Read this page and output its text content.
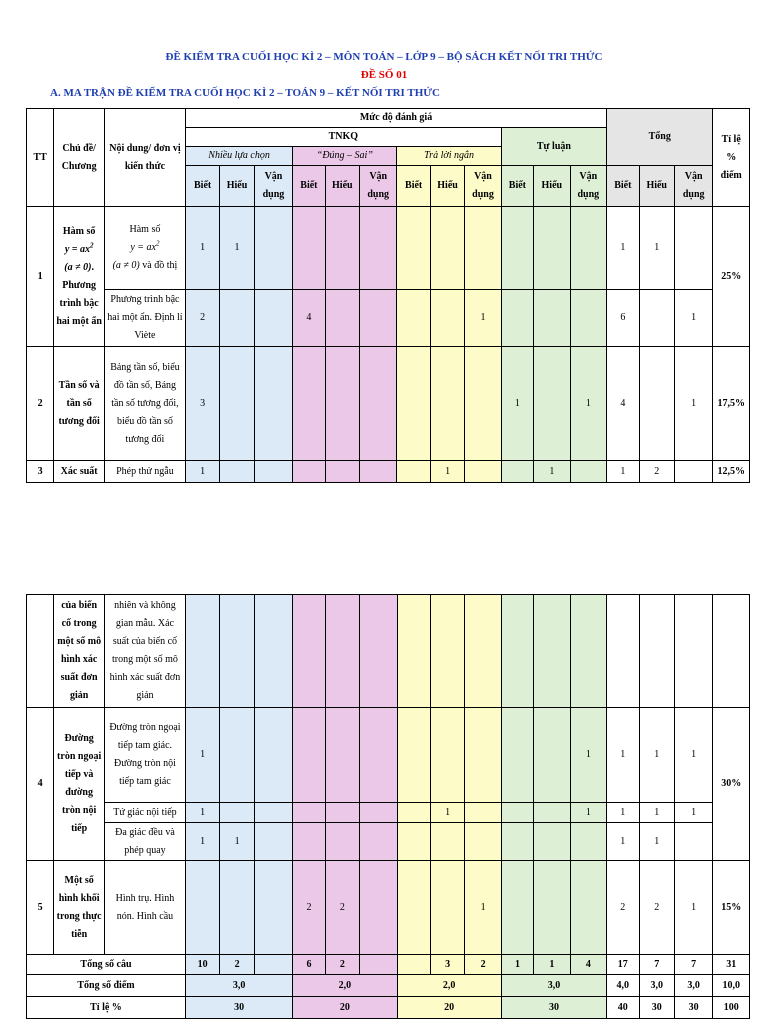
ĐỀ KIỂM TRA CUỐI HỌC KÌ 2 – MÔN TOÁN – LỚP 9 – BỘ SÁCH KẾT NỐI TRI THỨC
ĐỀ SỐ 01
A. MA TRẬN ĐỀ KIỂM TRA CUỐI HỌC KÌ 2 – TOÁN 9 – KẾT NỐI TRI THỨC
TT	Chủ đề/ Chương	Nội dung/ đơn vị kiến thức	Mức độ đánh giá												Tổng			Tỉ lệ % điểm
			TNKQ									Tự luận						
			Nhiều lựa chọn			“Đúng – Sai”			Trả lời ngắn									
			Biết	Hiểu	Vận dụng	Biết	Hiểu	Vận dụng	Biết	Hiểu	Vận dụng	Biết	Hiểu	Vận dụng	Biết	Hiểu	Vận dụng	
1	Hàm số
$y = ax^2$
(a ≠ 0).
Phương trình bậc hai một ẩn	Hàm số
$y = ax^2$
(a ≠ 0) và đồ thị	1	1											1	1		25%
		Phương trình bậc hai một ẩn. Định lí Viète	2			4					1				6		1	
2	Tần số và tần số tương đối	Bảng tần số, biểu đồ tần số, Bảng tần số tương đối, biểu đồ tần số tương đối	3									1		1	4		1	17,5%
3	Xác suất	Phép thử ngẫu	1							1			1		1	2		12,5%
	của biến cố trong một số mô hình xác suất đơn giản	nhiên và không gian mẫu. Xác suất của biến cố trong một số mô hình xác suất đơn giản																
4	Đường tròn ngoại tiếp và đường tròn nội tiếp	Đường tròn ngoại tiếp tam giác. Đường tròn nội tiếp tam giác	1											1	1	1	1	30%
		Tứ giác nội tiếp	1							1				1	1	1	1	
		Đa giác đều và phép quay	1	1											1	1		
5	Một số hình khối trong thực tiễn	Hình trụ. Hình nón. Hình cầu				2	2				1				2	2	1	15%
Tổng số câu			10	2		6	2			3	2	1	1	4	17	7	7	31
Tổng số điểm			3,0			2,0			2,0			3,0			4,0	3,0	3,0	10,0
Tỉ lệ %			30			20			20			30			40	30	30	100
